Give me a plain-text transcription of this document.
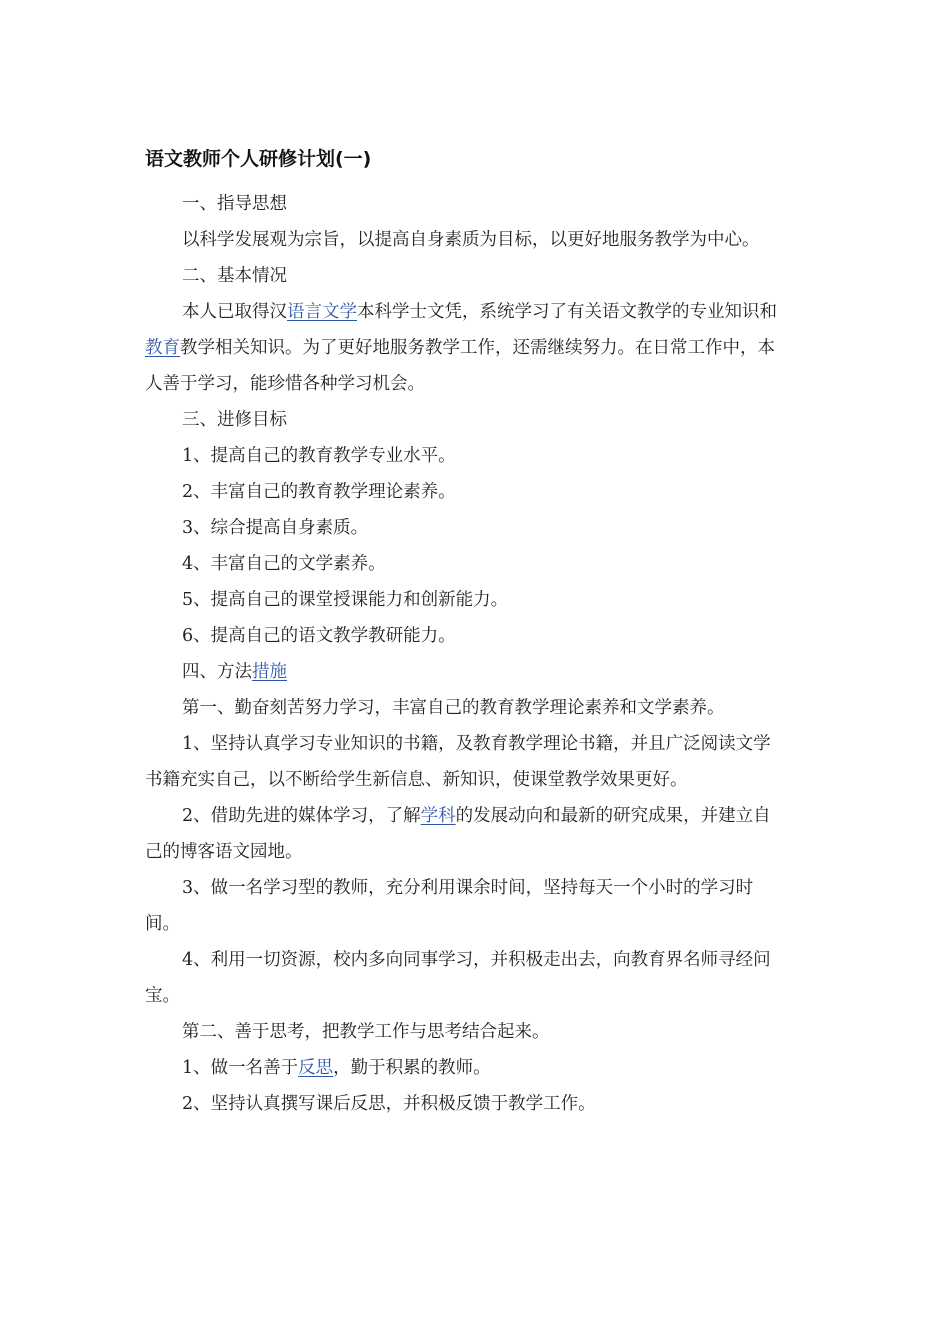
语文教师个人研修计划(一)

一、指导思想

以科学发展观为宗旨，以提高自身素质为目标，以更好地服务教学为中心。

二、基本情况

本人已取得汉语言文学本科学士文凭，系统学习了有关语文教学的专业知识和教育教学相关知识。为了更好地服务教学工作，还需继续努力。在日常工作中，本人善于学习，能珍惜各种学习机会。

三、进修目标

1、提高自己的教育教学专业水平。

2、丰富自己的教育教学理论素养。

3、综合提高自身素质。

4、丰富自己的文学素养。

5、提高自己的课堂授课能力和创新能力。

6、提高自己的语文教学教研能力。

四、方法措施

第一、勤奋刻苦努力学习，丰富自己的教育教学理论素养和文学素养。

1、坚持认真学习专业知识的书籍，及教育教学理论书籍，并且广泛阅读文学书籍充实自己，以不断给学生新信息、新知识，使课堂教学效果更好。

2、借助先进的媒体学习，了解学科的发展动向和最新的研究成果，并建立自己的博客语文园地。

3、做一名学习型的教师，充分利用课余时间，坚持每天一个小时的学习时间。

4、利用一切资源，校内多向同事学习，并积极走出去，向教育界名师寻经问宝。

第二、善于思考，把教学工作与思考结合起来。

1、做一名善于反思，勤于积累的教师。

2、坚持认真撰写课后反思，并积极反馈于教学工作。
